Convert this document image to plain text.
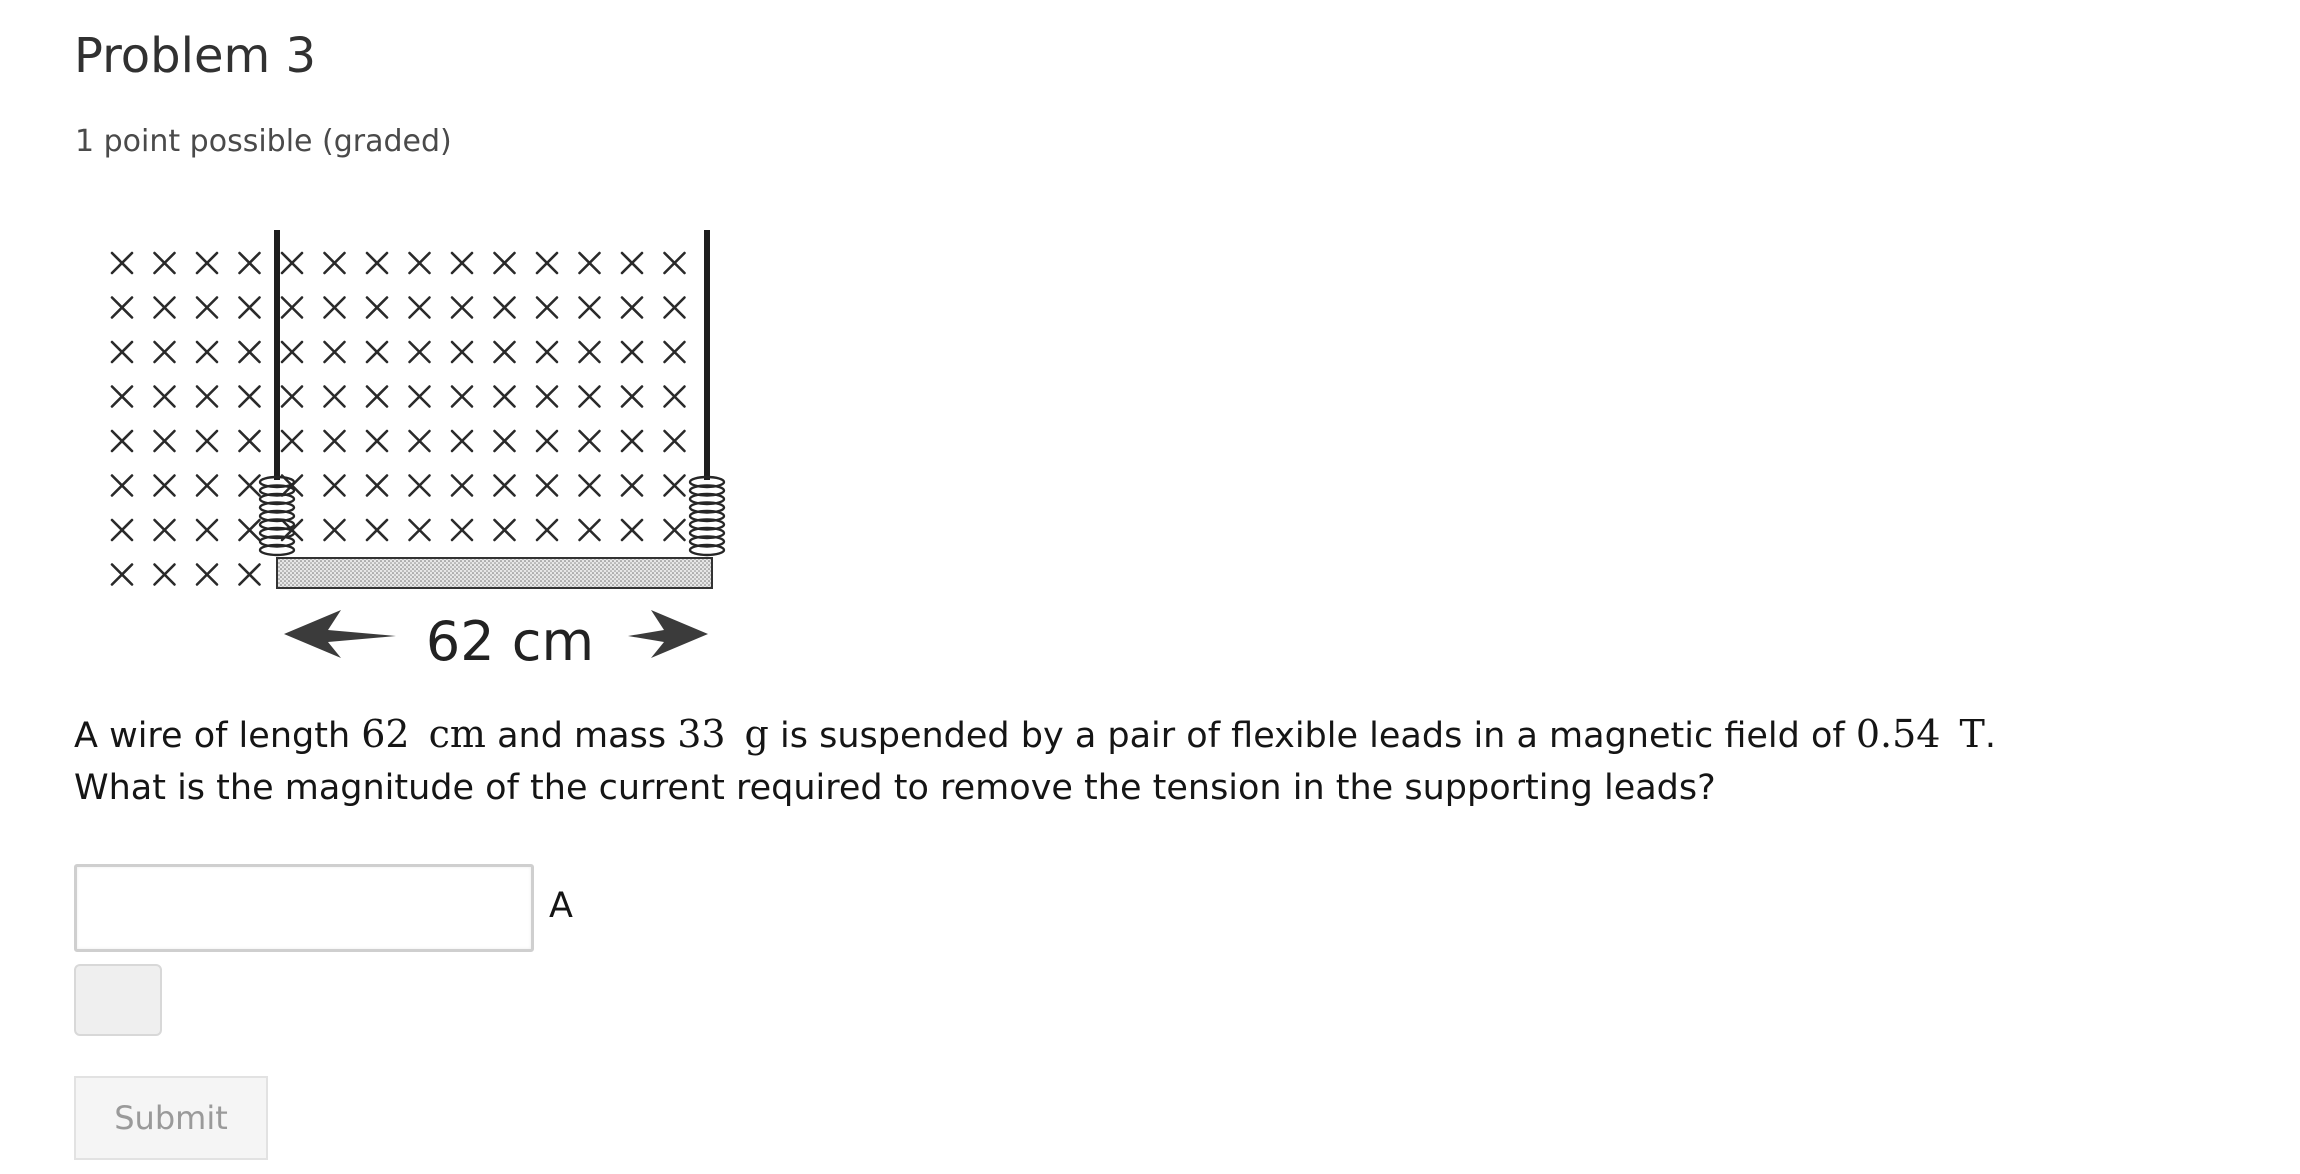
Problem 3
1 point possible (graded)
62 cm
A wire of length 62  cm and mass 33  g is suspended by a pair of flexible leads in a magnetic field of 0.54  T.
What is the magnitude of the current required to remove the tension in the supporting leads?
A
Submit
